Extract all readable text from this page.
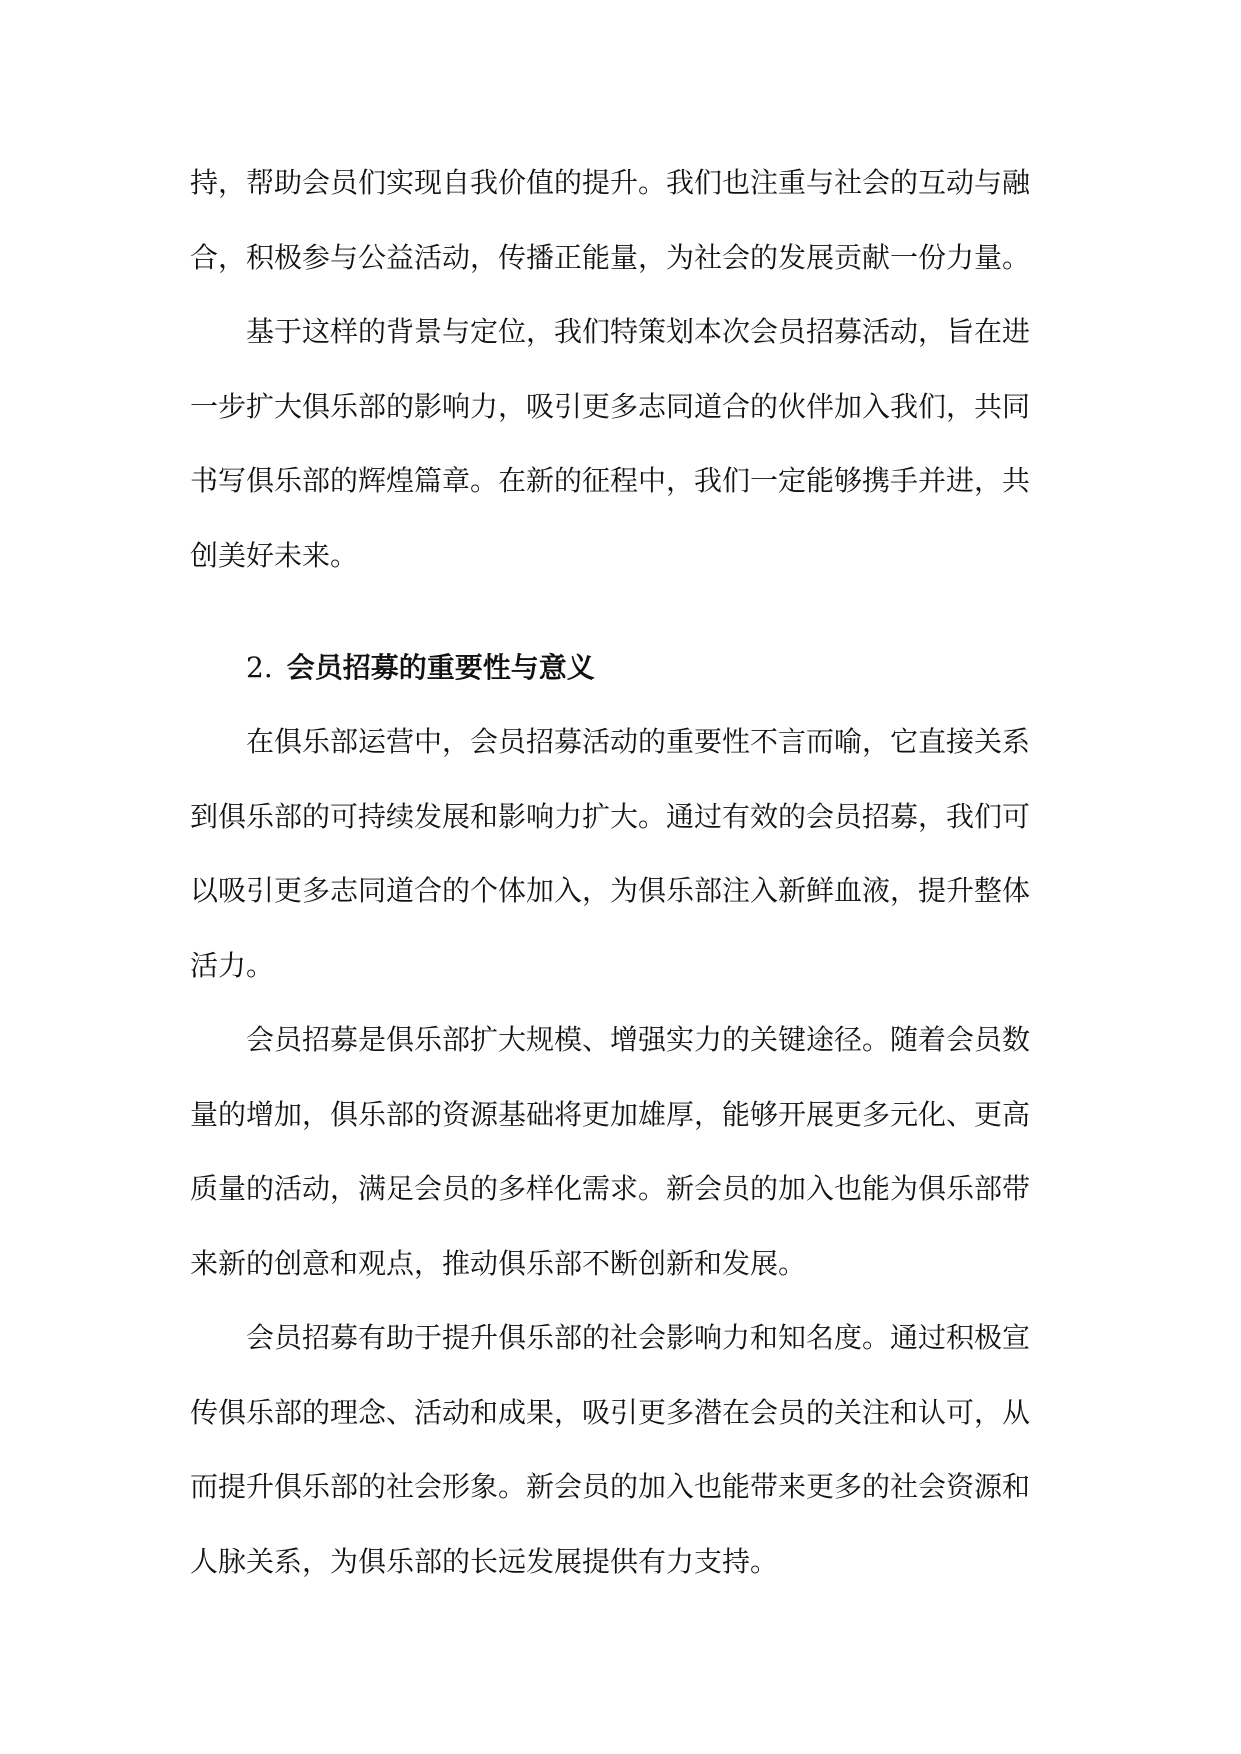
持，帮助会员们实现自我价值的提升。我们也注重与社会的互动与融
合，积极参与公益活动，传播正能量，为社会的发展贡献一份力量。

基于这样的背景与定位，我们特策划本次会员招募活动，旨在进
一步扩大俱乐部的影响力，吸引更多志同道合的伙伴加入我们，共同
书写俱乐部的辉煌篇章。在新的征程中，我们一定能够携手并进，共
创美好未来。

2. 会员招募的重要性与意义

在俱乐部运营中，会员招募活动的重要性不言而喻，它直接关系
到俱乐部的可持续发展和影响力扩大。通过有效的会员招募，我们可
以吸引更多志同道合的个体加入，为俱乐部注入新鲜血液，提升整体
活力。

会员招募是俱乐部扩大规模、增强实力的关键途径。随着会员数
量的增加，俱乐部的资源基础将更加雄厚，能够开展更多元化、更高
质量的活动，满足会员的多样化需求。新会员的加入也能为俱乐部带
来新的创意和观点，推动俱乐部不断创新和发展。

会员招募有助于提升俱乐部的社会影响力和知名度。通过积极宣
传俱乐部的理念、活动和成果，吸引更多潜在会员的关注和认可，从
而提升俱乐部的社会形象。新会员的加入也能带来更多的社会资源和
人脉关系，为俱乐部的长远发展提供有力支持。
